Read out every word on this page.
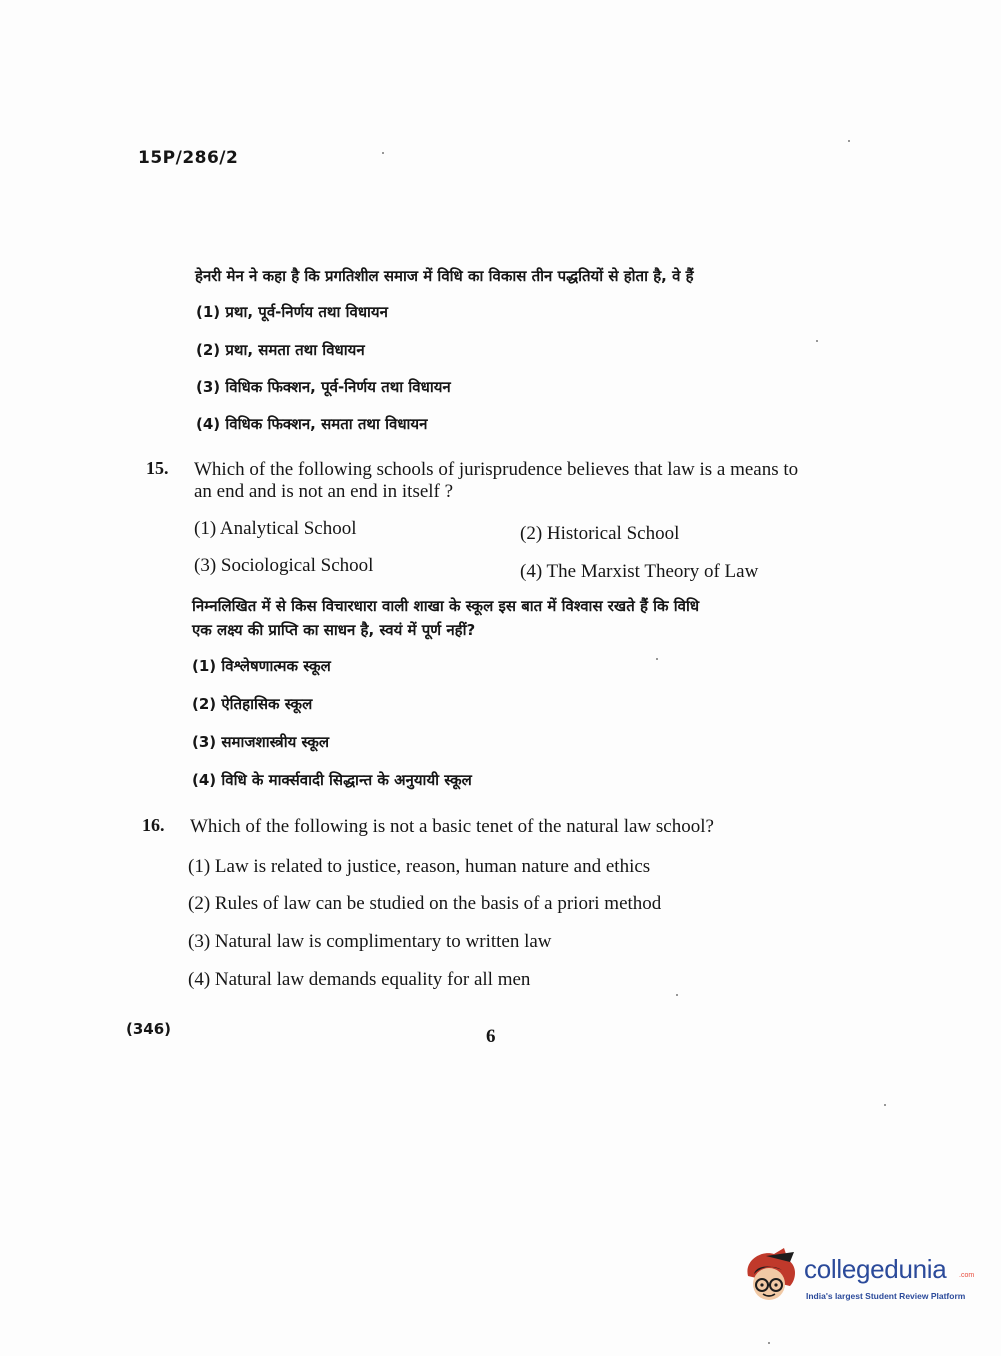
15P/286/2
हेनरी मेन ने कहा है कि प्रगतिशील समाज में विधि का विकास तीन पद्धतियों से होता है, वे हैं
(1) प्रथा, पूर्व-निर्णय तथा विधायन
(2) प्रथा, समता तथा विधायन
(3) विधिक फिक्शन, पूर्व-निर्णय तथा विधायन
(4) विधिक फिक्शन, समता तथा विधायन
15. Which of the following schools of jurisprudence believes that law is a means to
an end and is not an end in itself ?
(1) Analytical School	(2) Historical School
(3) Sociological School	(4) The Marxist Theory of Law
निम्नलिखित में से किस विचारधारा वाली शाखा के स्कूल इस बात में विश्वास रखते हैं कि विधि
एक लक्ष्य की प्राप्ति का साधन है, स्वयं में पूर्ण नहीं?
(1) विश्लेषणात्मक स्कूल
(2) ऐतिहासिक स्कूल
(3) समाजशास्त्रीय स्कूल
(4) विधि के मार्क्सवादी सिद्धान्त के अनुयायी स्कूल
16. Which of the following is not a basic tenet of the natural law school?
(1) Law is related to justice, reason, human nature and ethics
(2) Rules of law can be studied on the basis of a priori method
(3) Natural law is complimentary to written law
(4) Natural law demands equality for all men
(346)	6
collegedunia .com
India's largest Student Review Platform
